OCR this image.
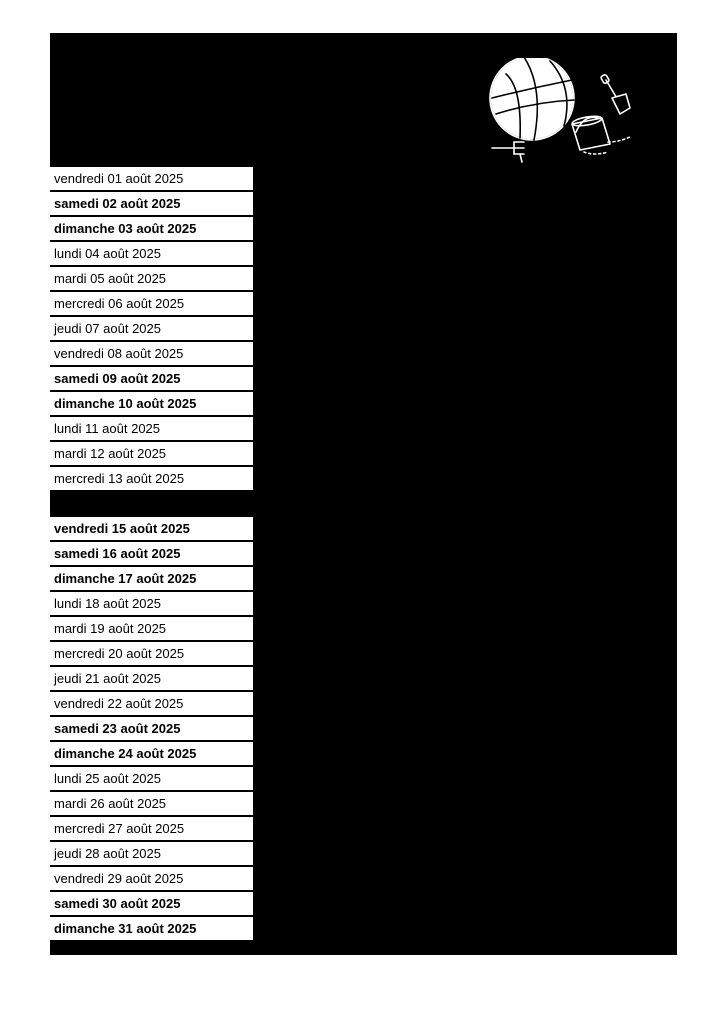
vendredi 01 août 2025
samedi 02 août 2025
dimanche 03 août 2025
lundi 04 août 2025
mardi 05 août 2025
mercredi 06 août 2025
jeudi 07 août 2025
vendredi 08 août 2025
samedi 09 août 2025
dimanche 10 août 2025
lundi 11 août 2025
mardi 12 août 2025
mercredi 13 août 2025
vendredi 15 août 2025
samedi 16 août 2025
dimanche 17 août 2025
lundi 18 août 2025
mardi 19 août 2025
mercredi 20 août 2025
jeudi 21 août 2025
vendredi 22 août 2025
samedi 23 août 2025
dimanche 24 août 2025
lundi 25 août 2025
mardi 26 août 2025
mercredi 27 août 2025
jeudi 28 août 2025
vendredi 29 août 2025
samedi 30 août 2025
dimanche 31 août 2025
